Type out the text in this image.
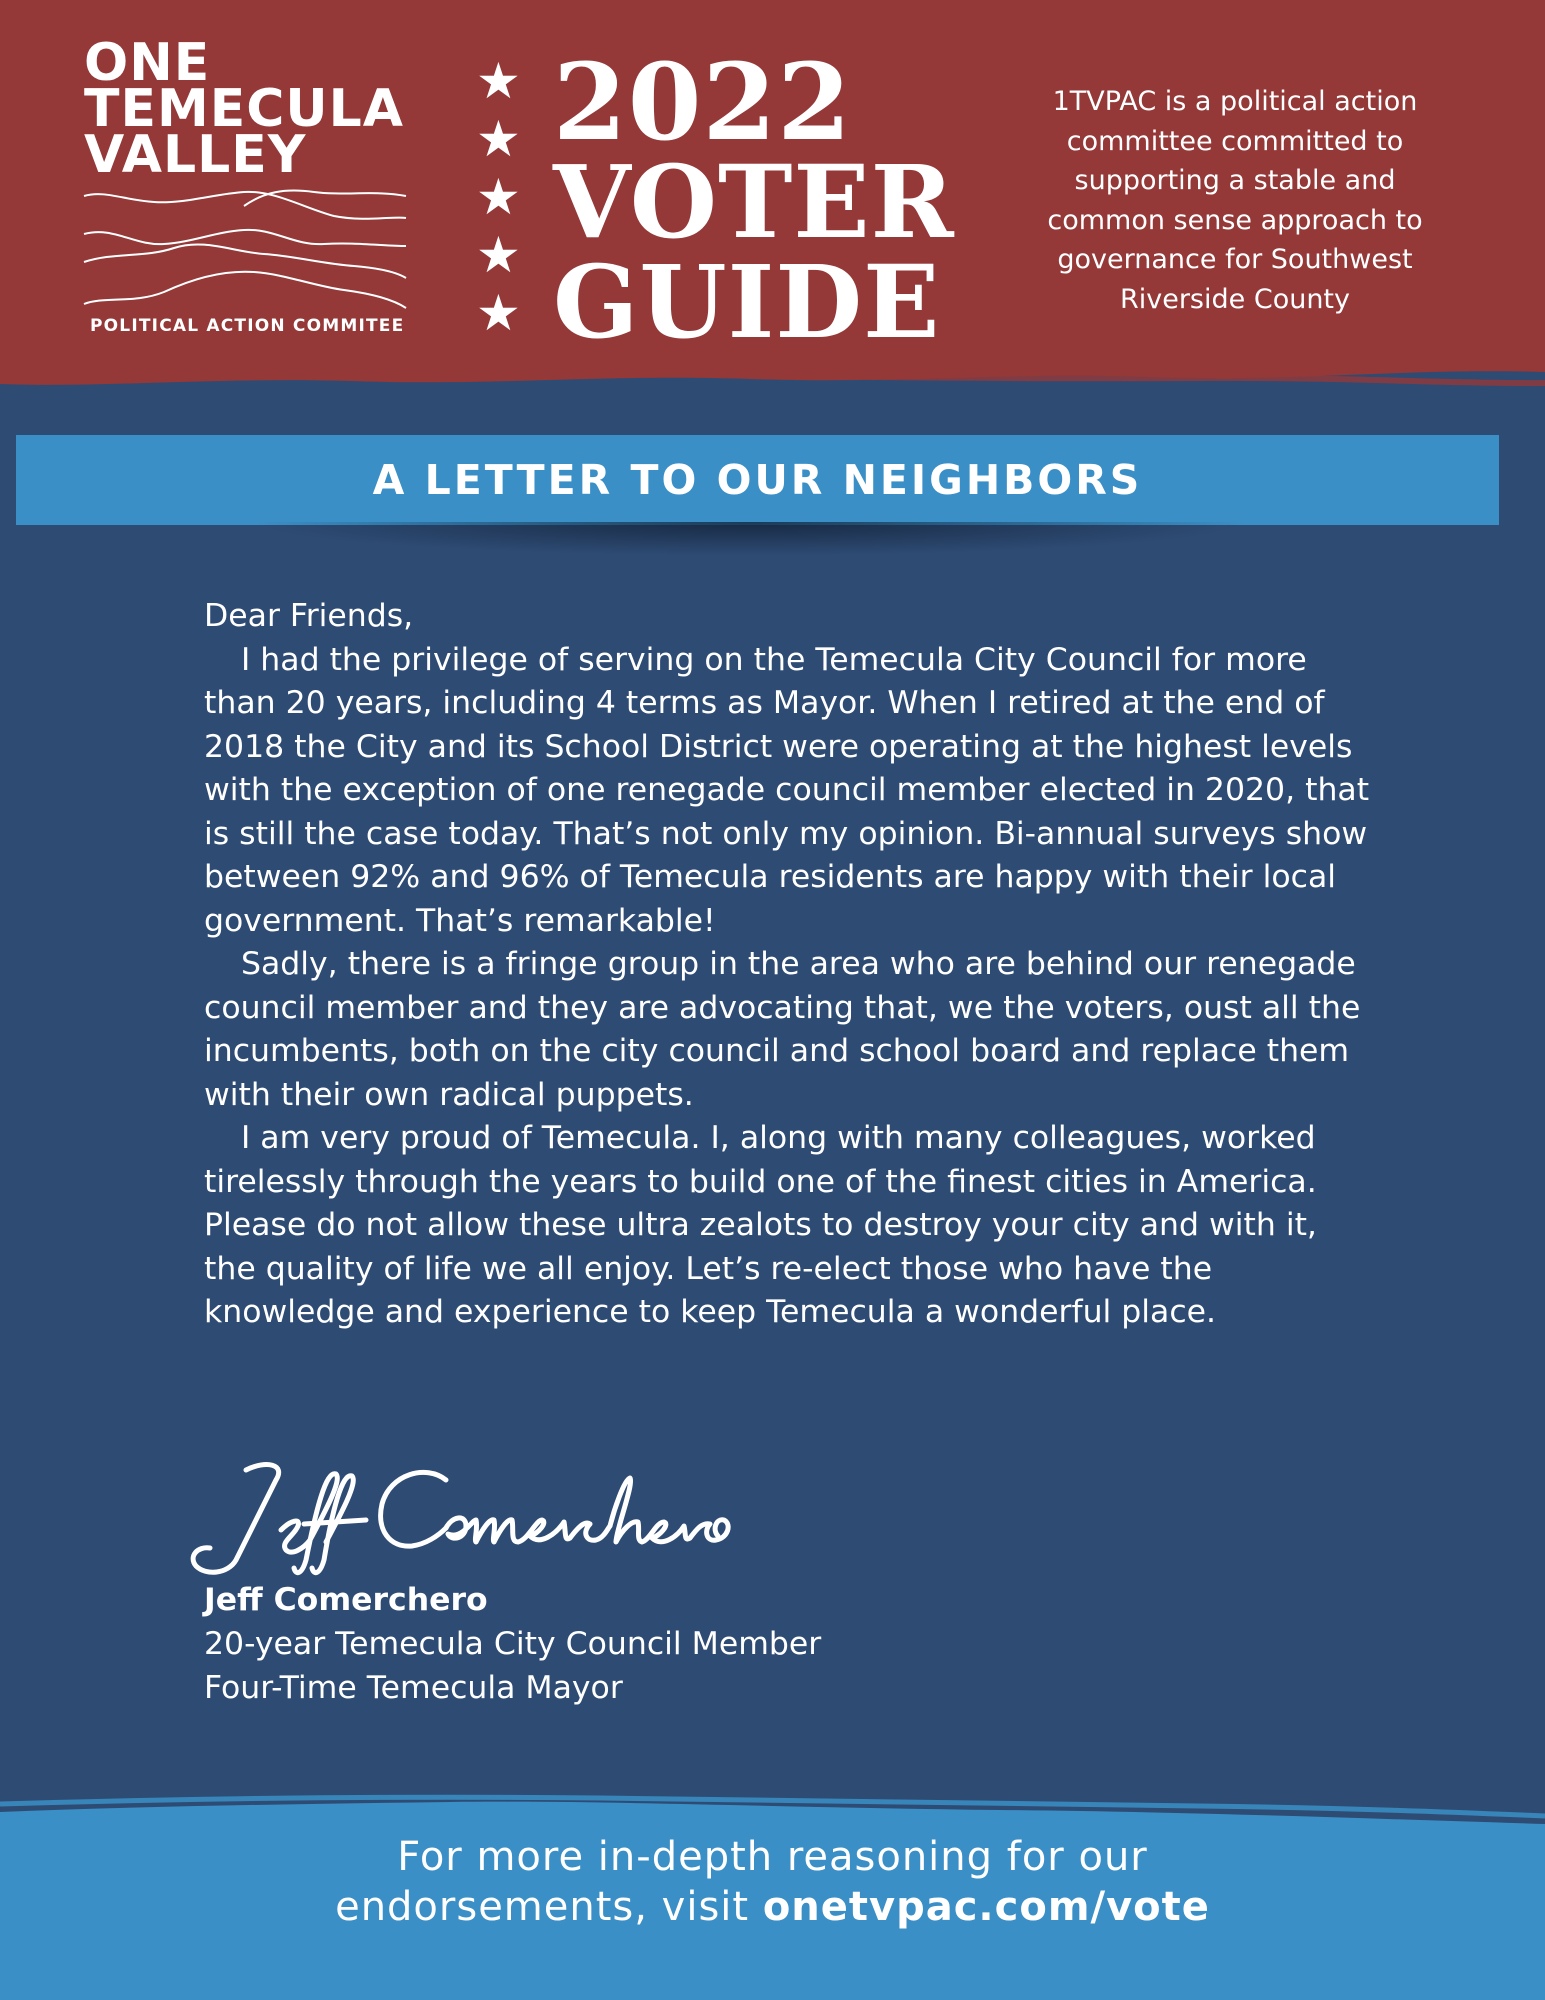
ONE
TEMECULA
VALLEY
POLITICAL ACTION COMMITEE
★
★
★
★
★
2022
VOTER
GUIDE
1TVPAC is a political action committee committed to supporting a stable and common sense approach to governance for Southwest Riverside County
A LETTER TO OUR NEIGHBORS

Dear Friends,

I had the privilege of serving on the Temecula City Council for more than 20 years, including 4 terms as Mayor. When I retired at the end of 2018 the City and its School District were operating at the highest levels with the exception of one renegade council member elected in 2020, that is still the case today. That’s not only my opinion. Bi-annual surveys show between 92% and 96% of Temecula residents are happy with their local government. That’s remarkable!

Sadly, there is a fringe group in the area who are behind our renegade council member and they are advocating that, we the voters, oust all the incumbents, both on the city council and school board and replace them with their own radical puppets.

I am very proud of Temecula. I, along with many colleagues, worked tirelessly through the years to build one of the finest cities in America. Please do not allow these ultra zealots to destroy your city and with it, the quality of life we all enjoy. Let’s re-elect those who have the knowledge and experience to keep Temecula a wonderful place.

Jeff Comerchero
Jeff Comerchero
20-year Temecula City Council Member
Four-Time Temecula Mayor
For more in-depth reasoning for our
endorsements, visit onetvpac.com/vote
